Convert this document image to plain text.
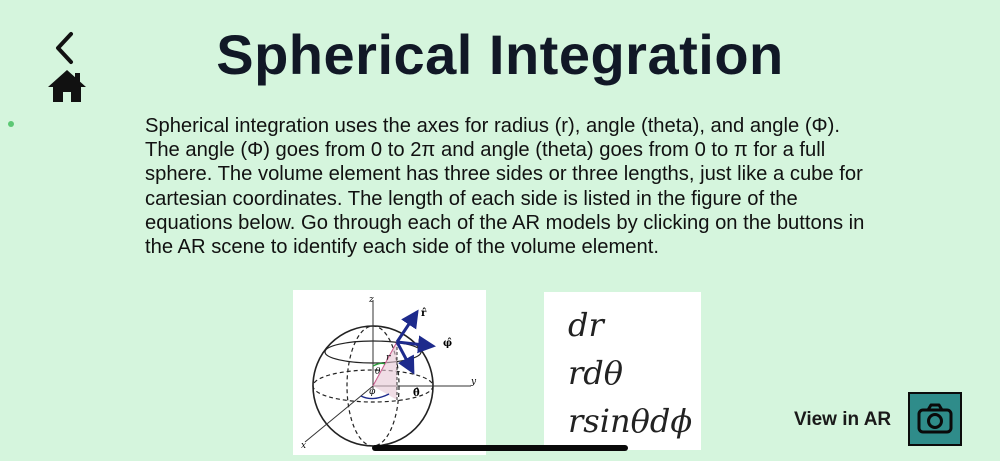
Spherical Integration

Spherical integration uses the axes for radius (r), angle (theta), and angle (Φ). The angle (Φ) goes from 0 to 2π and angle (theta) goes from 0 to π for a full sphere. The volume element has three sides or three lengths, just like a cube for cartesian coordinates. The length of each side is listed in the figure of the equations below. Go through each of the AR models by clicking on the buttons in the AR scene to identify each side of the volume element.

z
y
x
r̂
φ̂
θ̂
θ
φ
r
dr
rdθ
rsinθdϕ	View in AR
